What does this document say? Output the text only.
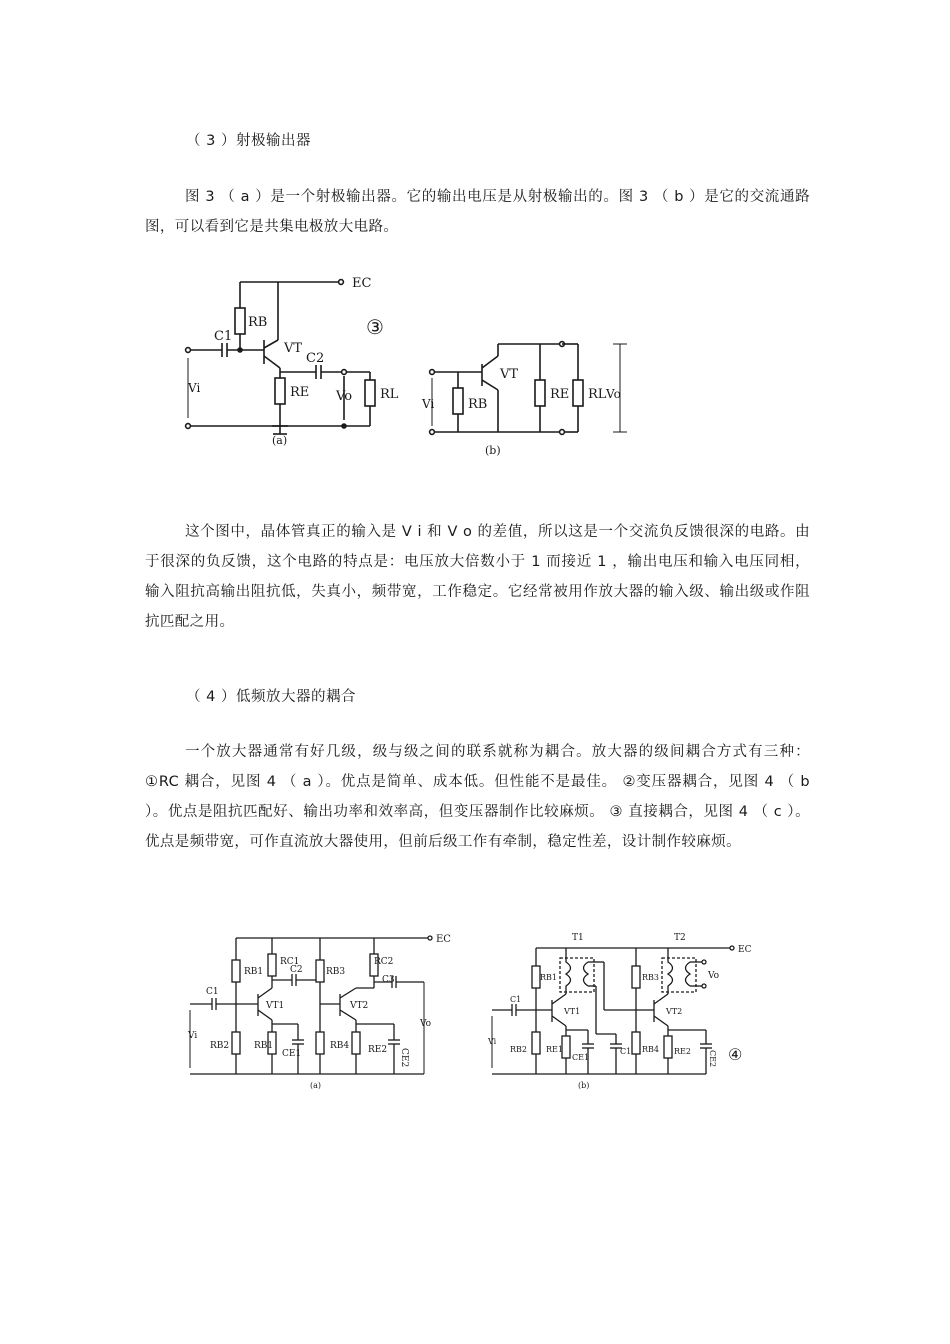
（ 3 ）射极输出器
图 3 （ a ）是一个射极输出器。它的输出电压是从射极输出的。图 3 （ b ）是它的交流通路图，可以看到它是共集电极放大电路。
EC
RB
C1
VT
RE
C2
Vo RL
Vi
(a)
③
VT
RE RL
RB
Vi
Vo
(b)
这个图中，晶体管真正的输入是 V i 和 V o 的差值，所以这是一个交流负反馈很深的电路。由于很深的负反馈，这个电路的特点是：电压放大倍数小于 1 而接近 1 ，输出电压和输入电压同相，输入阻抗高输出阻抗低，失真小，频带宽，工作稳定。它经常被用作放大器的输入级、输出级或作阻抗匹配之用。
（ 4 ）低频放大器的耦合
一个放大器通常有好几级，级与级之间的联系就称为耦合。放大器的级间耦合方式有三种： ①RC 耦合，见图 4 （ a ）。优点是简单、成本低。但性能不是最佳。 ②变压器耦合，见图 4 （ b ）。优点是阻抗匹配好、输出功率和效率高，但变压器制作比较麻烦。 ③ 直接耦合，见图 4 （ c ）。优点是频带宽，可作直流放大器使用，但前后级工作有牵制，稳定性差，设计制作较麻烦。
EC
RB1
RB2
C1
VT1
RC1
C2
RB1
CE1
RB3
RB4
VT2
RC2
C3
RE2 CE2
Vo
Vi
(a)
EC
T1	T2
RB1
RB2
C1
VT1
RE1
CE1
C1
RB3
RB4
VT2
Vo
RE2 CE2
Vi
(b)
④
